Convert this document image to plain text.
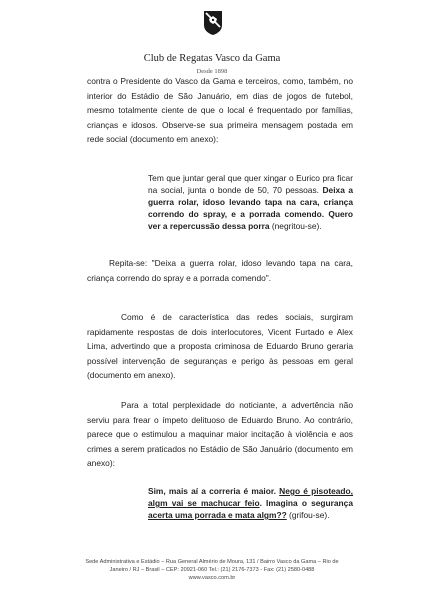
Club de Regatas Vasco da Gama
Desde 1898
contra o Presidente do Vasco da Gama e terceiros, como, também, no interior do Estádio de São Januário, em dias de jogos de futebol, mesmo totalmente ciente de que o local é frequentado por famílias, crianças e idosos. Observe-se sua primeira mensagem postada em rede social (documento em anexo):
Tem que juntar geral que quer xingar o Eurico pra ficar na social, junta o bonde de 50, 70 pessoas. Deixa a guerra rolar, idoso levando tapa na cara, criança correndo do spray, e a porrada comendo. Quero ver a repercussão dessa porra (negritou-se).
Repita-se: "Deixa a guerra rolar, idoso levando tapa na cara, criança correndo do spray e a porrada comendo".
Como é de característica das redes sociais, surgiram rapidamente respostas de dois interlocutores, Vicent Furtado e Alex Lima, advertindo que a proposta criminosa de Eduardo Bruno geraria possível intervenção de seguranças e perigo às pessoas em geral (documento em anexo).
Para a total perplexidade do noticiante, a advertência não serviu para frear o ímpeto delituoso de Eduardo Bruno. Ao contrário, parece que o estimulou a maquinar maior incitação à violência e aos crimes a serem praticados no Estádio de São Januário (documento em anexo):
Sim, mais aí a correria é maior. Nego é pisoteado, algm vai se machucar feio. Imagina o segurança acerta uma porrada e mata algm?? (grifou-se).
Sede Administrativa e Estádio – Rua General Almério de Moura, 131 / Bairro Vasco da Gama – Rio de
Janeiro / RJ – Brasil – CEP: 20921-060 Tel.: (21) 2176-7373 - Fax: (21) 2580-0488
www.vasco.com.br
